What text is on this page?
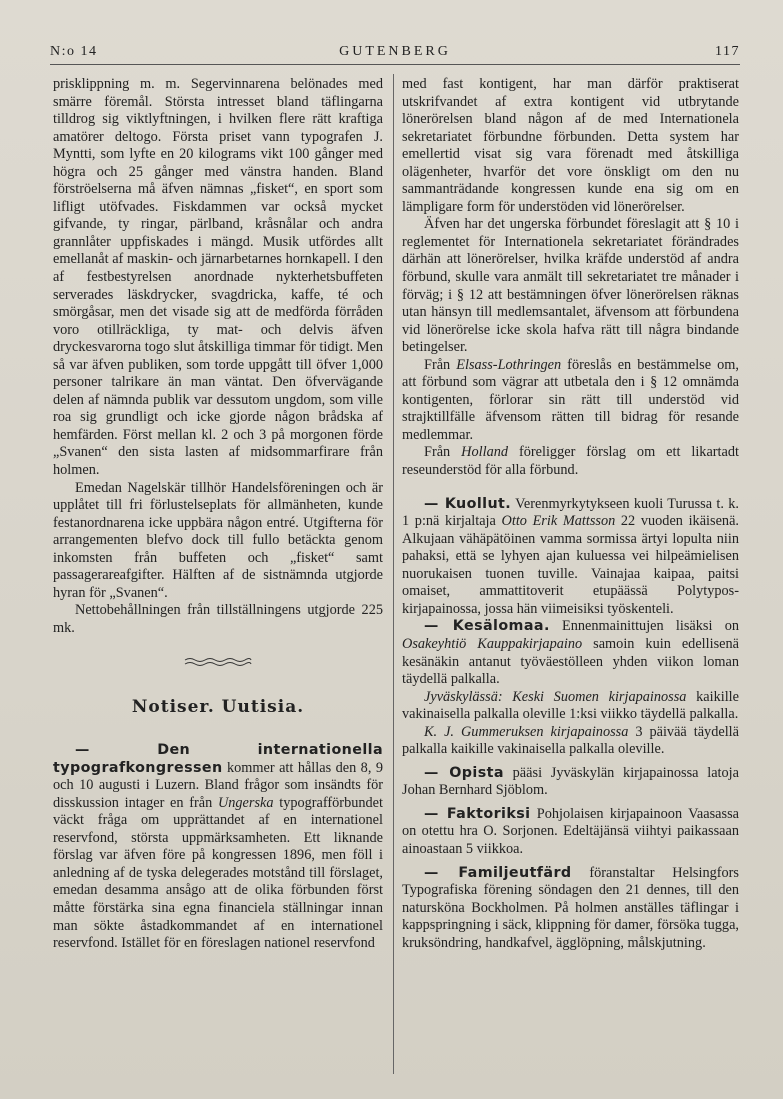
N:o 14	GUTENBERG	117

prisklippning m. m. Segervinnarena belönades med smärre föremål. Största intresset bland täflingarna tilldrog sig viktlyftningen, i hvilken flere rätt kraftiga amatörer deltogo. Första priset vann typografen J. Myntti, som lyfte en 20 kilograms vikt 100 gånger med högra och 25 gånger med vänstra handen. Bland förströelserna må äfven nämnas „fisket“, en sport som lifligt utöfvades. Fiskdammen var också mycket gifvande, ty ringar, pärlband, kråsnålar och andra grannlåter uppfiskades i mängd. Musik utfördes allt emellanåt af maskin- och järnarbetarnes hornkapell. I den af festbestyrelsen anordnade nykterhetsbuffeten serverades läskdrycker, svagdricka, kaffe, té och smörgåsar, men det visade sig att de medförda förråden voro otillräckliga, ty mat- och delvis äfven dryckesvarorna togo slut åtskilliga timmar för tidigt. Men så var äfven publiken, som torde uppgått till öfver 1,000 personer talrikare än man väntat. Den öfvervägande delen af nämnda publik var dessutom ungdom, som ville roa sig grundligt och icke gjorde någon brådska af hemfärden. Först mellan kl. 2 och 3 på morgonen förde „Svanen“ den sista lasten af midsommarfirare från holmen.

Emedan Nagelskär tillhör Handelsföreningen och är upplåtet till fri förlustelseplats för allmänheten, kunde festanordnarena icke uppbära någon entré. Utgifterna för arrangementen blefvo dock till fullo betäckta genom inkomsten från buffeten och „fisket“ samt passagerareafgifter. Hälften af de sistnämnda utgjorde hyran för „Svanen“.

Nettobehållningen från tillställningens utgjorde 225 mk.

Notiser. Uutisia.

— Den internationella typografkongressen kommer att hållas den 8, 9 och 10 augusti i Luzern. Bland frågor som insändts för disskussion intager en från Ungerska typografförbundet väckt fråga om upprättandet af en internationel reservfond, största uppmärksamheten. Ett liknande förslag var äfven före på kongressen 1896, men föll i anledning af de tyska delegerades motstånd till förslaget, emedan desamma ansågo att de olika förbunden först måtte förstärka sina egna financiela ställningar innan man sökte åstadkommandet af en internationel reservfond. Istället för en föreslagen nationel reservfond

med fast kontigent, har man därför praktiserat utskrifvandet af extra kontigent vid utbrytande lönerörelsen bland någon af de med Internationela sekretariatet förbundne förbunden. Detta system har emellertid visat sig vara förenadt med åtskilliga olägenheter, hvarför det vore önskligt om den nu sammanträdande kongressen kunde ena sig om en lämpligare form för understöden vid lönerörelser.

Äfven har det ungerska förbundet föreslagit att § 10 i reglementet för Internationela sekretariatet förändrades därhän att lönerörelser, hvilka kräfde understöd af andra förbund, skulle vara anmält till sekretariatet tre månader i förväg; i § 12 att bestämningen öfver lönerörelsen räknas utan hänsyn till medlemsantalet, äfvensom att förbundena vid lönerörelse icke skola hafva rätt till några bindande betingelser.

Från Elsass-Lothringen föreslås en bestämmelse om, att förbund som vägrar att utbetala den i § 12 omnämda kontigenten, förlorar sin rätt till understöd vid strajktillfälle äfvensom rätten till bidrag för resande medlemmar.

Från Holland föreligger förslag om ett likartadt reseunderstöd för alla förbund.

— Kuollut. Verenmyrkytykseen kuoli Turussa t. k. 1 p:nä kirjaltaja Otto Erik Mattsson 22 vuoden ikäisenä. Alkujaan vähäpätöinen vamma sormissa ärtyi lopulta niin pahaksi, että se lyhyen ajan kuluessa vei hilpeämielisen nuorukaisen tuonen tuville. Vainajaa kaipaa, paitsi omaiset, ammattitoverit etupäässä Polytypos-kirjapainossa, jossa hän viimeisiksi työskenteli.

— Kesälomaa. Ennenmainittujen lisäksi on Osakeyhtiö Kauppakirjapaino samoin kuin edellisenä kesänäkin antanut työväestölleen yhden viikon loman täydellä palkalla.

Jyväskylässä: Keski Suomen kirjapainossa kaikille vakinaisella palkalla oleville 1:ksi viikko täydellä palkalla.

K. J. Gummeruksen kirjapainossa 3 päivää täydellä palkalla kaikille vakinaisella palkalla oleville.

— Opista pääsi Jyväskylän kirjapainossa latoja Johan Bernhard Sjöblom.

— Faktoriksi Pohjolaisen kirjapainoon Vaasassa on otettu hra O. Sorjonen. Edeltäjänsä viihtyi paikassaan ainoastaan 5 viikkoa.

— Familjeutfärd föranstaltar Helsingfors Typografiska förening söndagen den 21 dennes, till den natursköna Bockholmen. På holmen anställes täflingar i kappspringning i säck, klippning för damer, försöka tugga, kruksöndring, handkafvel, ägglöpning, målskjutning.
